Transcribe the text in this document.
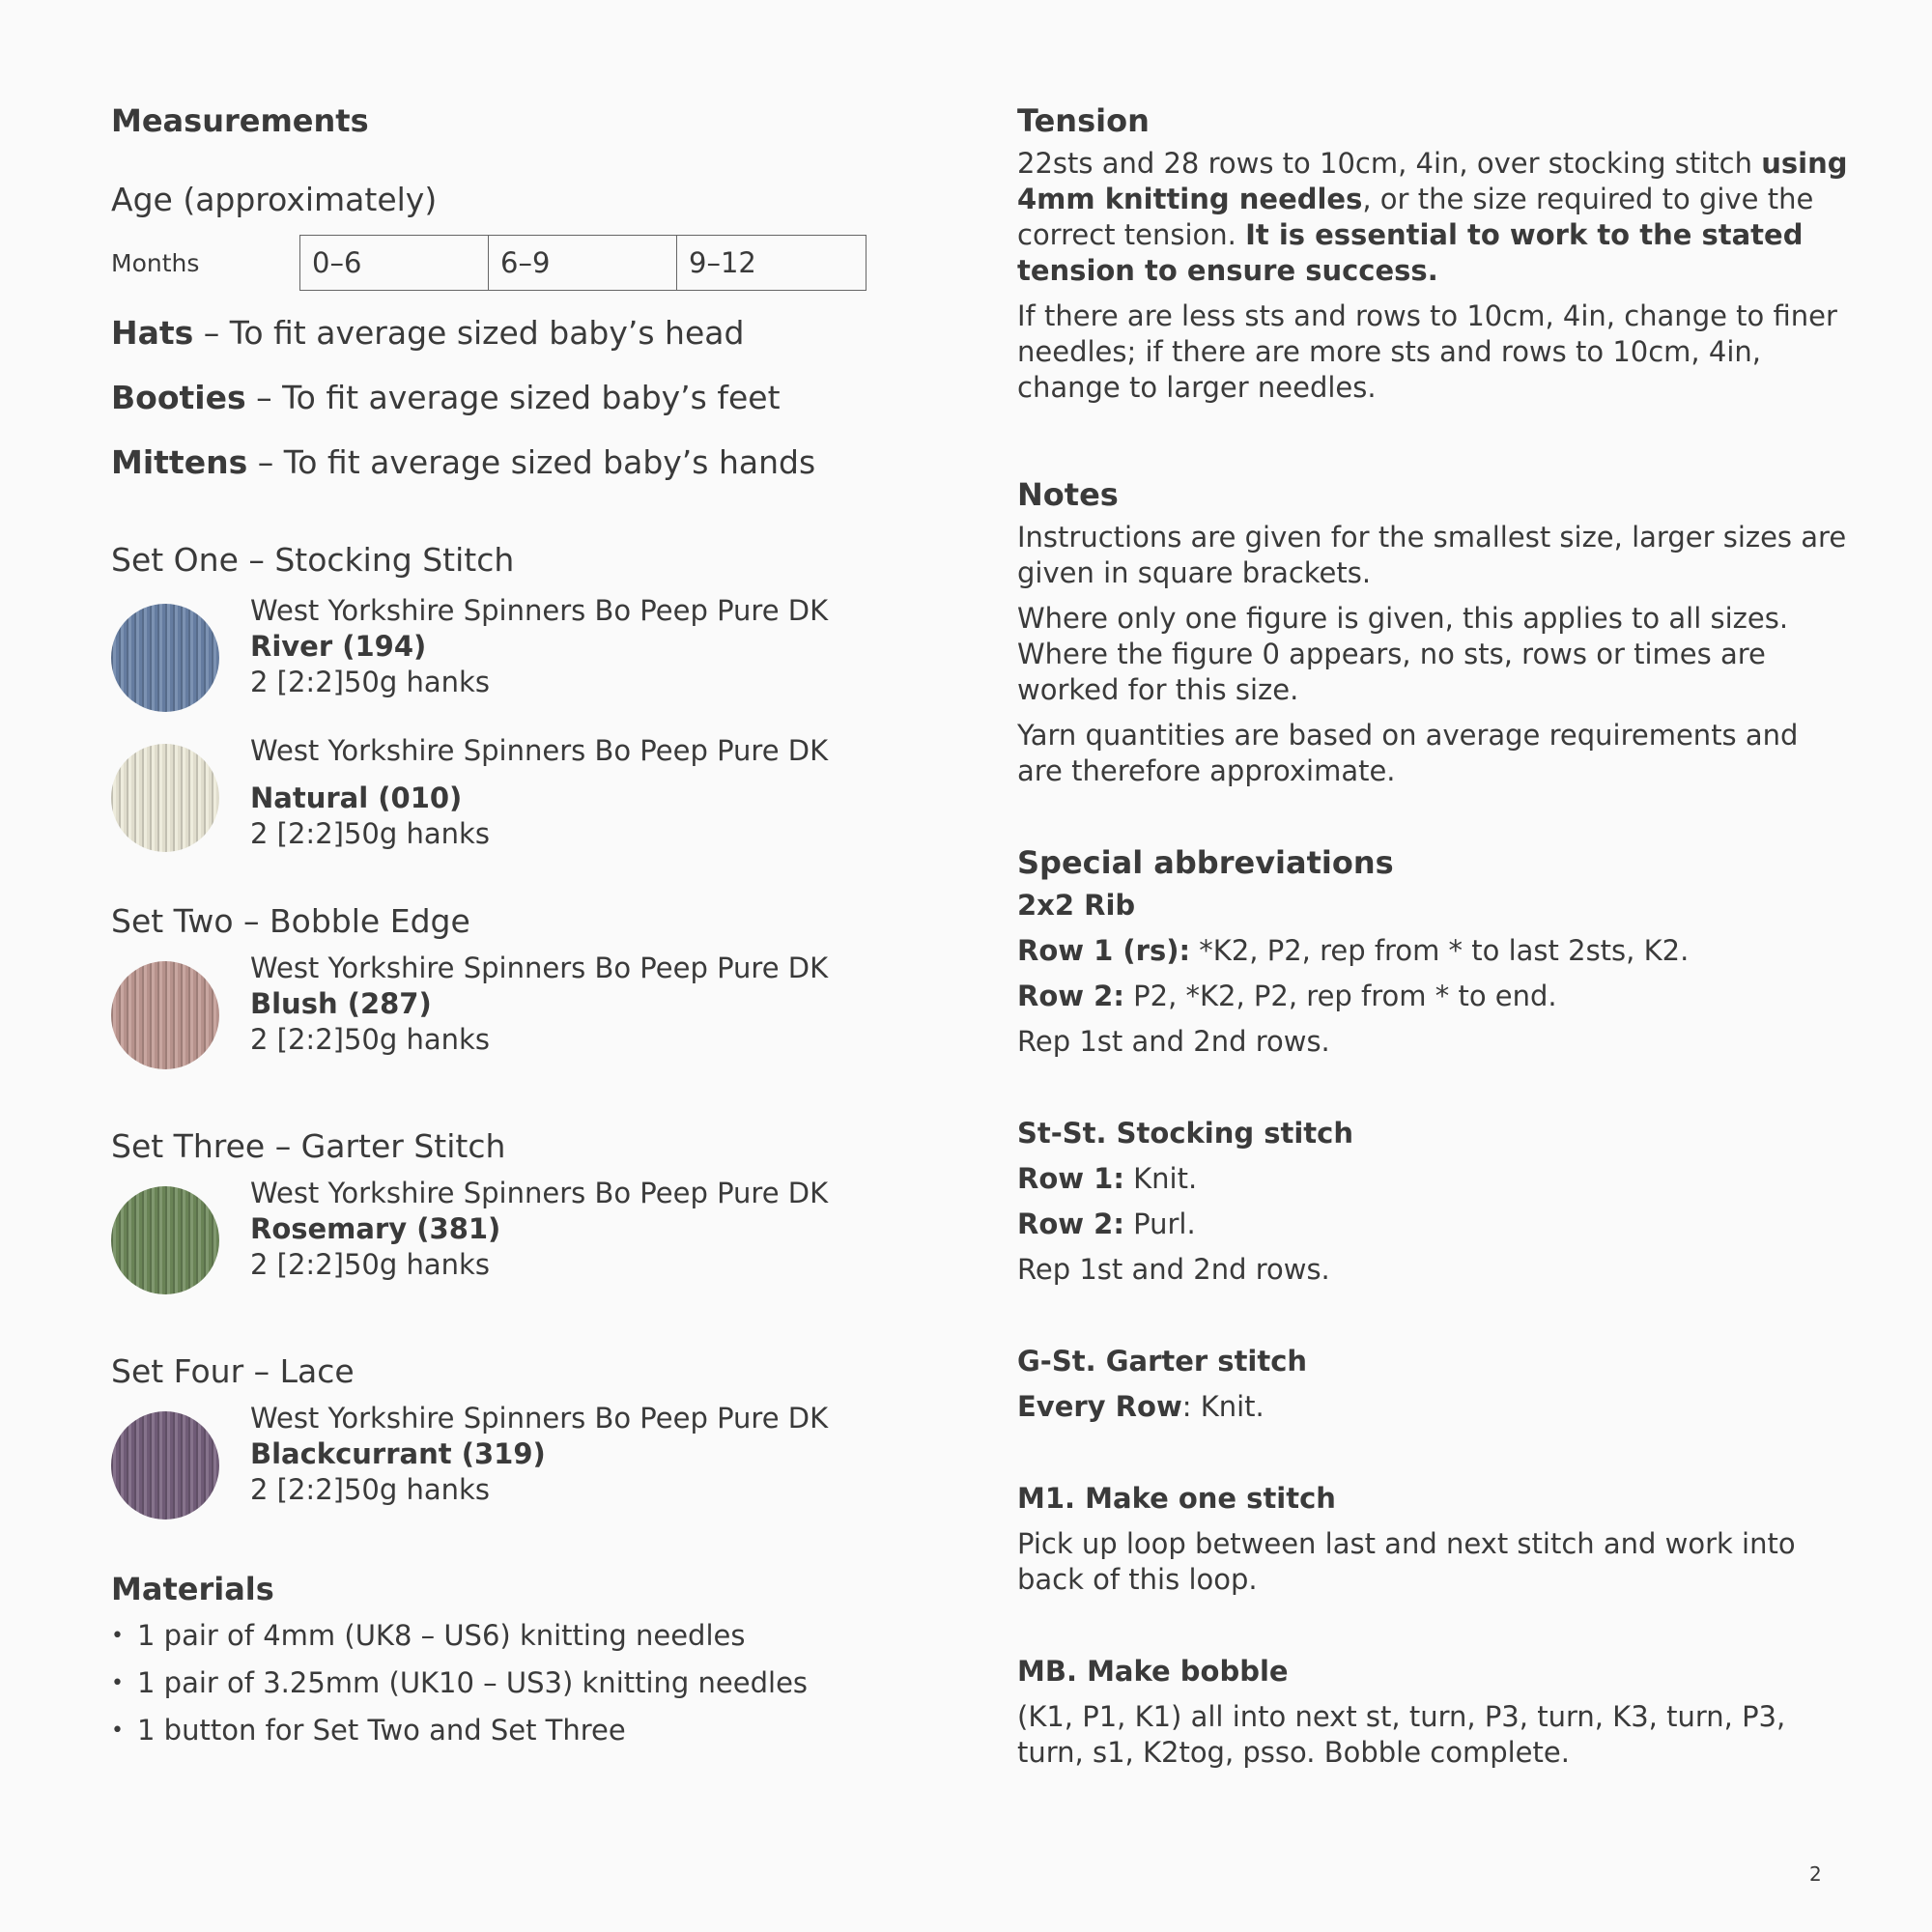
Measurements

Age (approximately)

Months	0–6	6–9	9–12

Hats – To fit average sized baby’s head

Booties – To fit average sized baby’s feet

Mittens – To fit average sized baby’s hands

Set One – Stocking Stitch

West Yorkshire Spinners Bo Peep Pure DK

River (194)

2 [2:2]50g hanks

West Yorkshire Spinners Bo Peep Pure DK

Natural (010)

2 [2:2]50g hanks

Set Two – Bobble Edge

West Yorkshire Spinners Bo Peep Pure DK

Blush (287)

2 [2:2]50g hanks

Set Three – Garter Stitch

West Yorkshire Spinners Bo Peep Pure DK

Rosemary (381)

2 [2:2]50g hanks

Set Four – Lace

West Yorkshire Spinners Bo Peep Pure DK

Blackcurrant (319)

2 [2:2]50g hanks

Materials
• 1 pair of 4mm (UK8 – US6) knitting needles
• 1 pair of 3.25mm (UK10 – US3) knitting needles
• 1 button for Set Two and Set Three
Tension

22sts and 28 rows to 10cm, 4in, over stocking stitch using 4mm knitting needles, or the size required to give the correct tension. It is essential to work to the stated tension to ensure success.

If there are less sts and rows to 10cm, 4in, change to finer needles; if there are more sts and rows to 10cm, 4in, change to larger needles.

Notes

Instructions are given for the smallest size, larger sizes are given in square brackets.

Where only one figure is given, this applies to all sizes. Where the figure 0 appears, no sts, rows or times are worked for this size.

Yarn quantities are based on average requirements and are therefore approximate.

Special abbreviations

2x2 Rib

Row 1 (rs): *K2, P2, rep from * to last 2sts, K2.

Row 2: P2, *K2, P2, rep from * to end.

Rep 1st and 2nd rows.

St-St. Stocking stitch

Row 1: Knit.

Row 2: Purl.

Rep 1st and 2nd rows.

G-St. Garter stitch

Every Row: Knit.

M1. Make one stitch

Pick up loop between last and next stitch and work into back of this loop.

MB. Make bobble

(K1, P1, K1) all into next st, turn, P3, turn, K3, turn, P3, turn, s1, K2tog, psso. Bobble complete.

2
